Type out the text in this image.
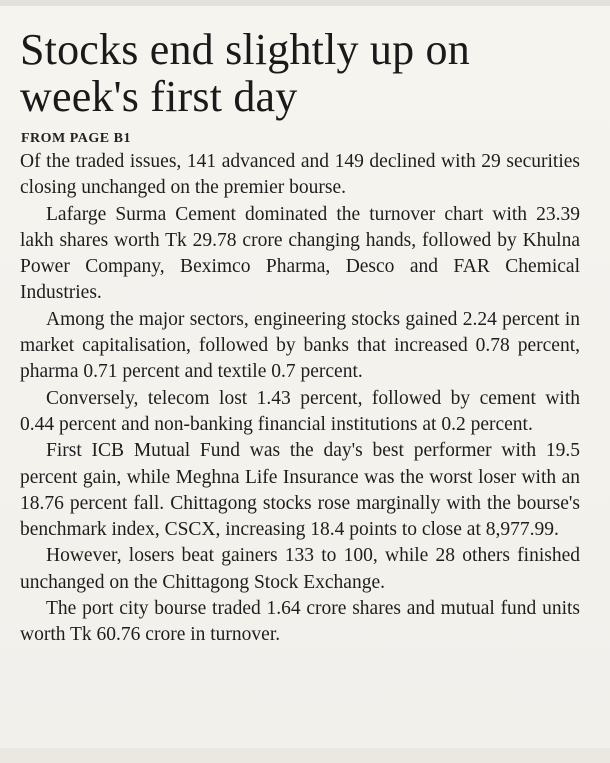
Stocks end slightly up on week's first day
FROM PAGE B1

Of the traded issues, 141 advanced and 149 declined with 29 securities closing unchanged on the premier bourse.

Lafarge Surma Cement dominated the turnover chart with 23.39 lakh shares worth Tk 29.78 crore changing hands, followed by Khulna Power Company, Beximco Pharma, Desco and FAR Chemical Industries.

Among the major sectors, engineering stocks gained 2.24 percent in market capitalisation, followed by banks that increased 0.78 percent, pharma 0.71 percent and textile 0.7 percent.

Conversely, telecom lost 1.43 percent, followed by cement with 0.44 percent and non-banking financial institutions at 0.2 percent.

First ICB Mutual Fund was the day's best performer with 19.5 percent gain, while Meghna Life Insurance was the worst loser with an 18.76 percent fall. Chittagong stocks rose marginally with the bourse's benchmark index, CSCX, increasing 18.4 points to close at 8,977.99.

However, losers beat gainers 133 to 100, while 28 others finished unchanged on the Chittagong Stock Exchange.

The port city bourse traded 1.64 crore shares and mutual fund units worth Tk 60.76 crore in turnover.
